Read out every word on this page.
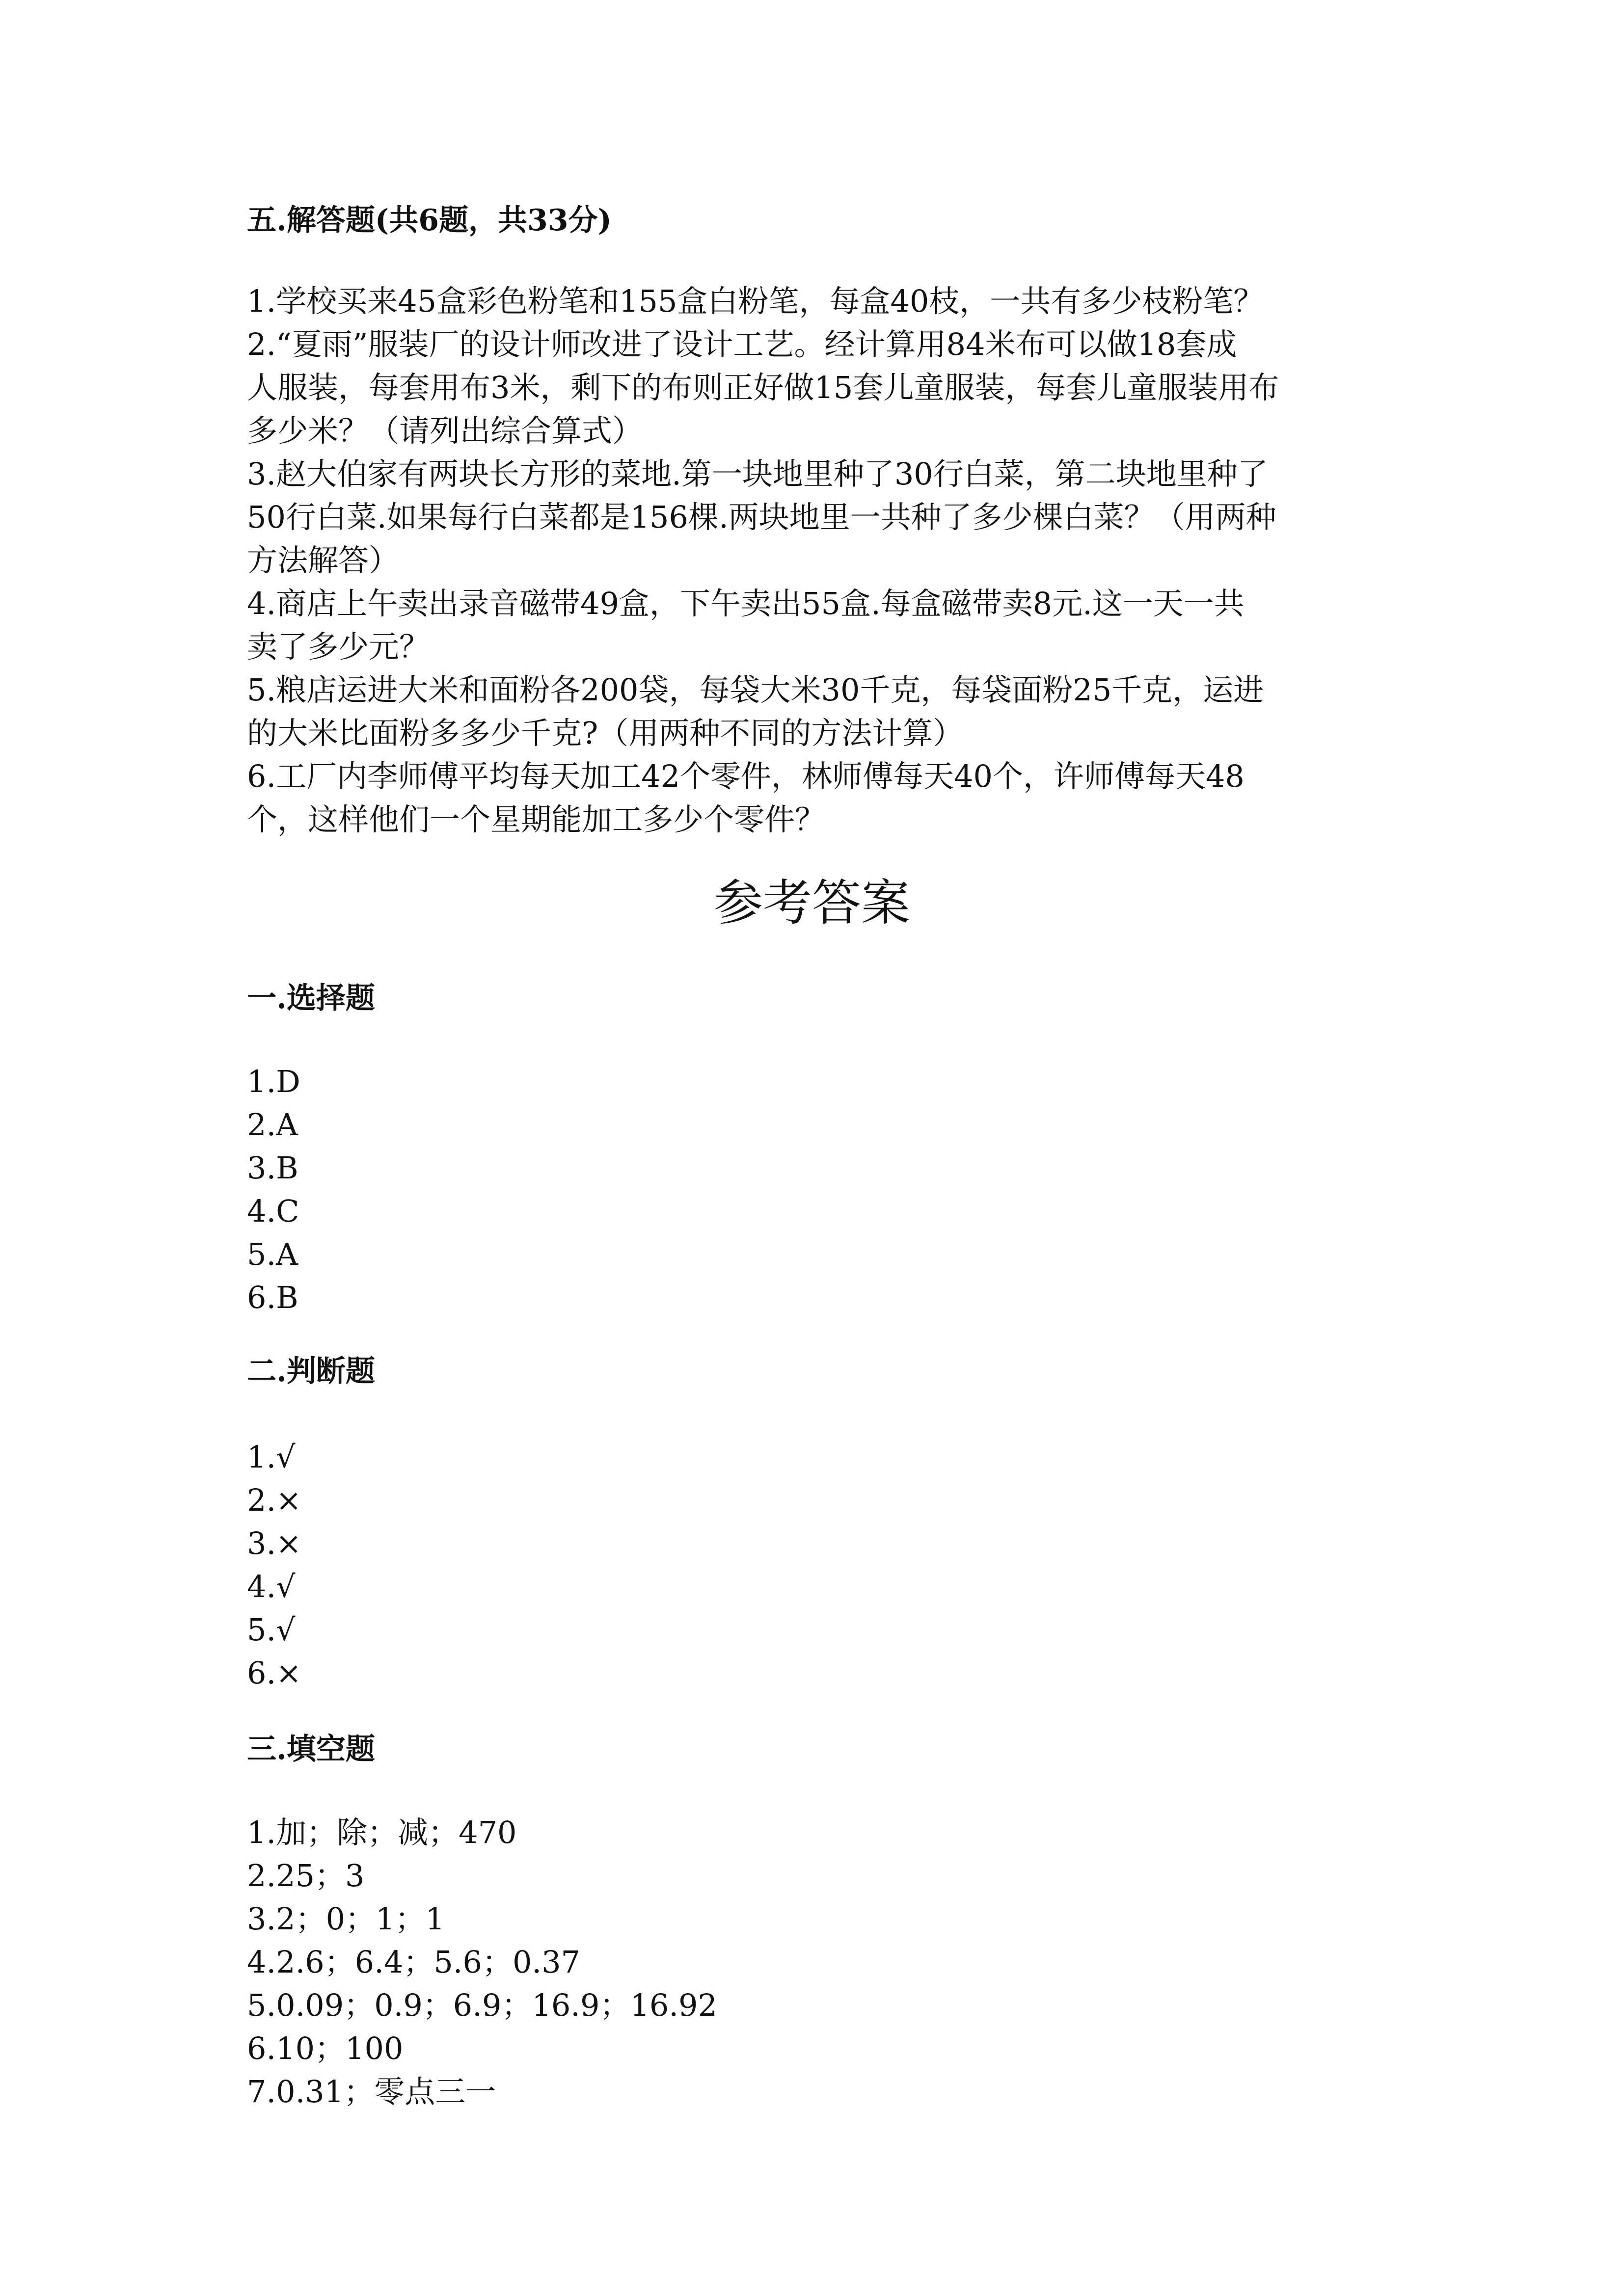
五.解答题(共6题，共33分)
1.学校买来45盒彩色粉笔和155盒白粉笔，每盒40枝，一共有多少枝粉笔？
2.“夏雨”服装厂的设计师改进了设计工艺。经计算用84米布可以做18套成
人服装，每套用布3米，剩下的布则正好做15套儿童服装，每套儿童服装用布
多少米？（请列出综合算式）
3.赵大伯家有两块长方形的菜地.第一块地里种了30行白菜，第二块地里种了
50行白菜.如果每行白菜都是156棵.两块地里一共种了多少棵白菜？（用两种
方法解答）
4.商店上午卖出录音磁带49盒，下午卖出55盒.每盒磁带卖8元.这一天一共
卖了多少元？
5.粮店运进大米和面粉各200袋，每袋大米30千克，每袋面粉25千克，运进
的大米比面粉多多少千克?（用两种不同的方法计算）
6.工厂内李师傅平均每天加工42个零件，林师傅每天40个，许师傅每天48
个，这样他们一个星期能加工多少个零件？
参考答案
一.选择题
1.D
2.A
3.B
4.C
5.A
6.B
二.判断题
1.√
2.×
3.×
4.√
5.√
6.×
三.填空题
1.加；除；减；470
2.25；3
3.2；0；1；1
4.2.6；6.4；5.6；0.37
5.0.09；0.9；6.9；16.9；16.92
6.10；100
7.0.31；零点三一
